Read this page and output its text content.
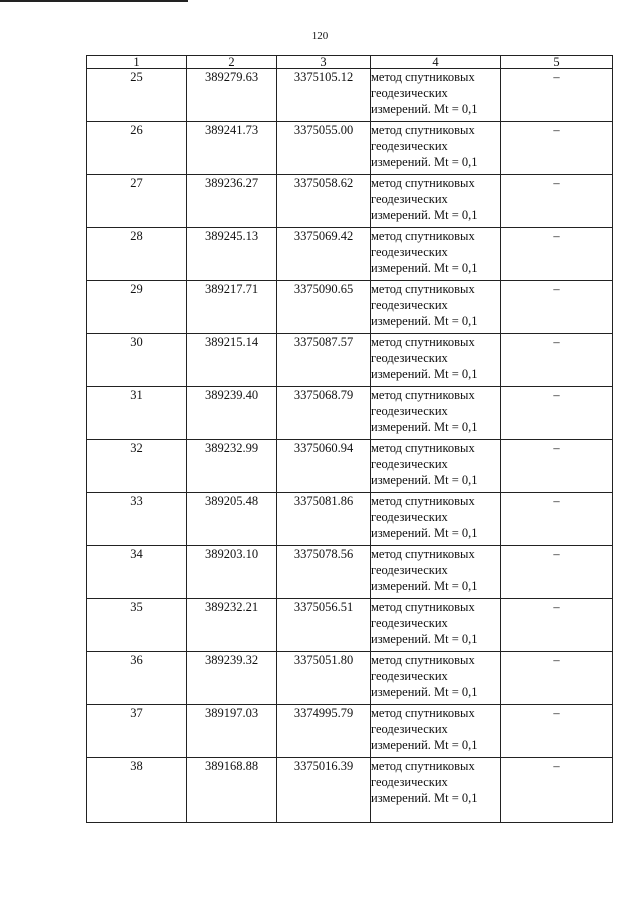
120
1	2	3	4	5
25	389279.63	3375105.12	метод спутниковых геодезических измерений. Mt = 0,1	–
26	389241.73	3375055.00	метод спутниковых геодезических измерений. Mt = 0,1	–
27	389236.27	3375058.62	метод спутниковых геодезических измерений. Mt = 0,1	–
28	389245.13	3375069.42	метод спутниковых геодезических измерений. Mt = 0,1	–
29	389217.71	3375090.65	метод спутниковых геодезических измерений. Mt = 0,1	–
30	389215.14	3375087.57	метод спутниковых геодезических измерений. Mt = 0,1	–
31	389239.40	3375068.79	метод спутниковых геодезических измерений. Mt = 0,1	–
32	389232.99	3375060.94	метод спутниковых геодезических измерений. Mt = 0,1	–
33	389205.48	3375081.86	метод спутниковых геодезических измерений. Mt = 0,1	–
34	389203.10	3375078.56	метод спутниковых геодезических измерений. Mt = 0,1	–
35	389232.21	3375056.51	метод спутниковых геодезических измерений. Mt = 0,1	–
36	389239.32	3375051.80	метод спутниковых геодезических измерений. Mt = 0,1	–
37	389197.03	3374995.79	метод спутниковых геодезических измерений. Mt = 0,1	–
38	389168.88	3375016.39	метод спутниковых геодезических измерений. Mt = 0,1	–
